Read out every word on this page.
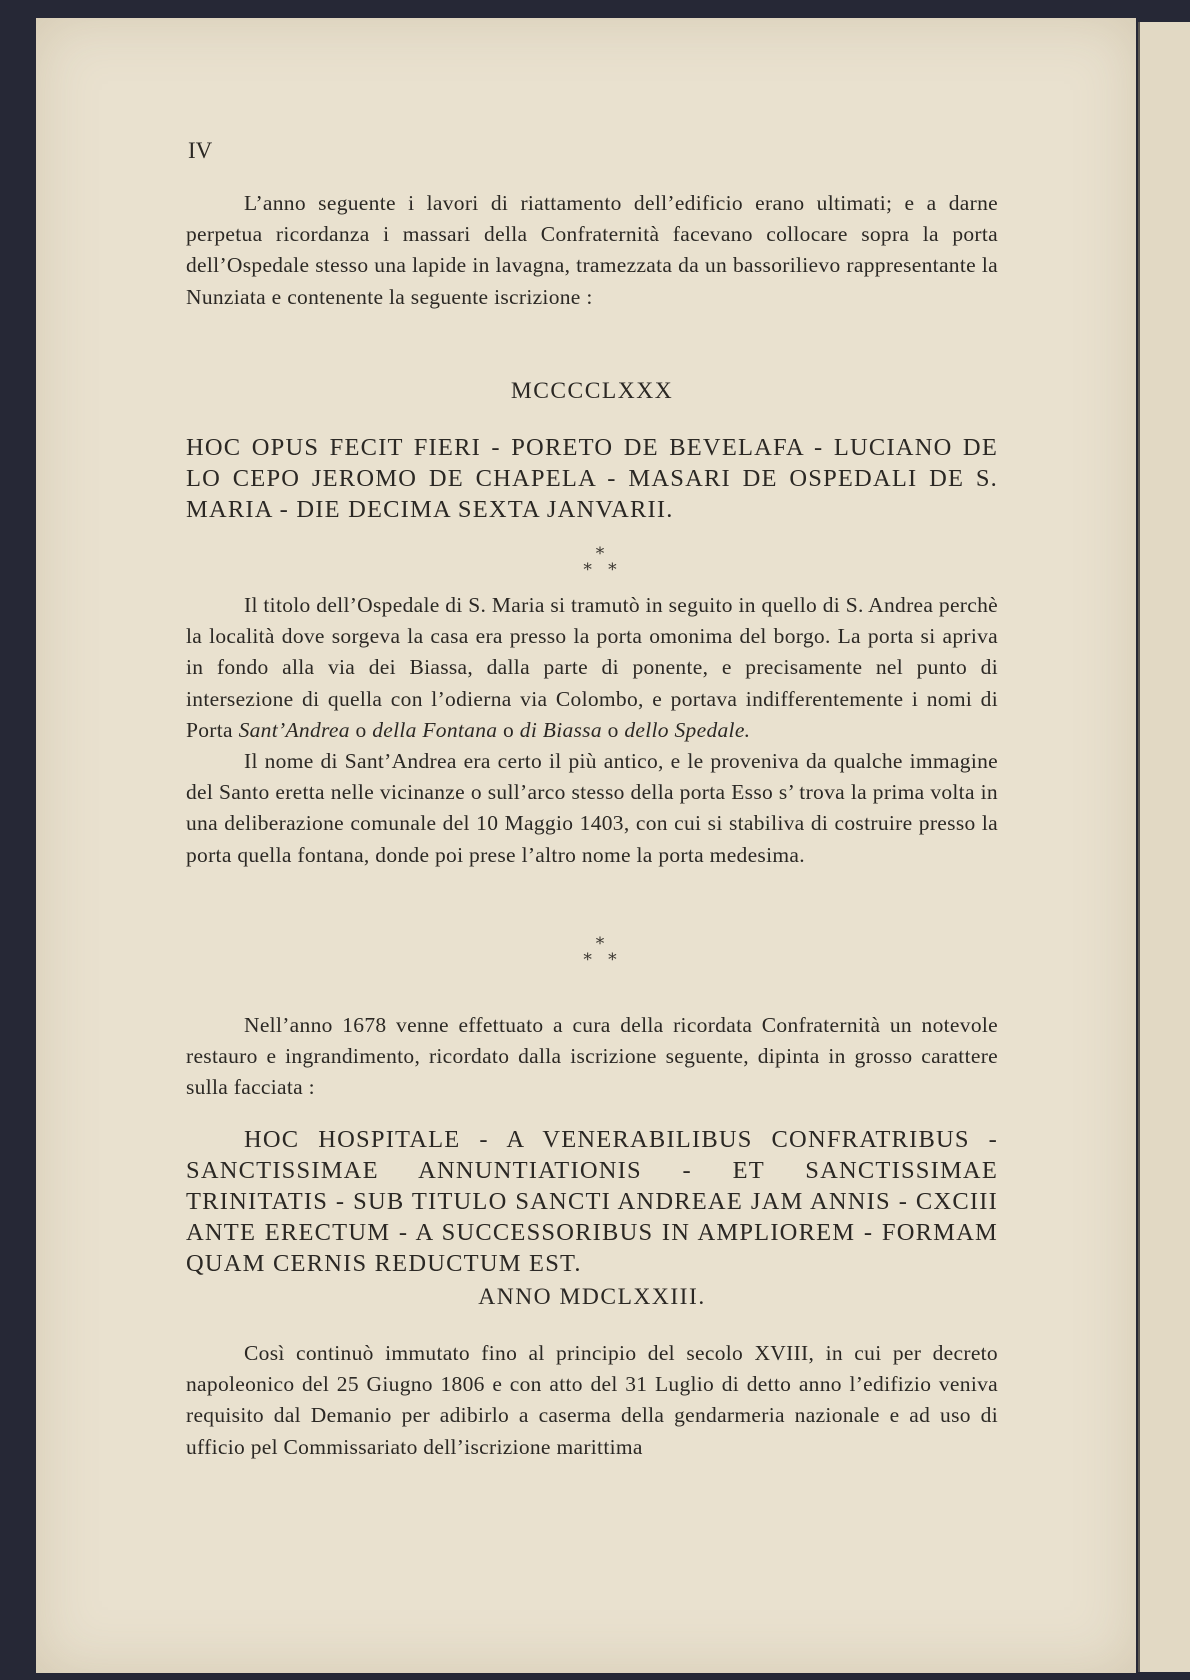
IV

L’anno seguente i lavori di riattamento dell’edificio erano ultimati; e a darne perpetua ricordanza i massari della Confraternità facevano collocare sopra la porta dell’Ospedale stesso una lapide in lavagna, tramezzata da un bassorilievo rappresentante la Nunziata e contenente la seguente iscrizione :

MCCCCLXXX

HOC OPUS FECIT FIERI - PORETO DE BEVELAFA - LUCIANO DE LO CEPO JEROMO DE CHAPELA - MASARI DE OSPEDALI DE S. MARIA - DIE DECIMA SEXTA JANVARII.

*
*   *

Il titolo dell’Ospedale di S. Maria si tramutò in seguito in quello di S. Andrea perchè la località dove sorgeva la casa era presso la porta omonima del borgo. La porta si apriva in fondo alla via dei Biassa, dalla parte di ponente, e precisamente nel punto di intersezione di quella con l’odierna via Colombo, e portava indifferentemente i nomi di Porta Sant’Andrea o della Fontana o di Biassa o dello Spedale.

Il nome di Sant’Andrea era certo il più antico, e le proveniva da qualche immagine del Santo eretta nelle vicinanze o sull’arco stesso della porta Esso s’ trova la prima volta in una deliberazione comunale del 10 Maggio 1403, con cui si stabiliva di costruire presso la porta quella fontana, donde poi prese l’altro nome la porta medesima.

*
*   *

Nell’anno 1678 venne effettuato a cura della ricordata Confraternità un notevole restauro e ingrandimento, ricordato dalla iscrizione seguente, dipinta in grosso carattere sulla facciata :

HOC HOSPITALE - A VENERABILIBUS CONFRATRIBUS - SANCTISSIMAE ANNUNTIATIONIS - ET SANCTISSIMAE TRINITATIS - SUB TITULO SANCTI ANDREAE JAM ANNIS - CXCIII ANTE ERECTUM - A SUCCESSORIBUS IN AMPLIOREM - FORMAM QUAM CERNIS REDUCTUM EST.

ANNO MDCLXXIII.

Così continuò immutato fino al principio del secolo XVIII, in cui per decreto napoleonico del 25 Giugno 1806 e con atto del 31 Luglio di detto anno l’edifizio veniva requisito dal Demanio per adibirlo a caserma della gendarmeria nazionale e ad uso di ufficio pel Commissariato dell’iscrizione marittima
